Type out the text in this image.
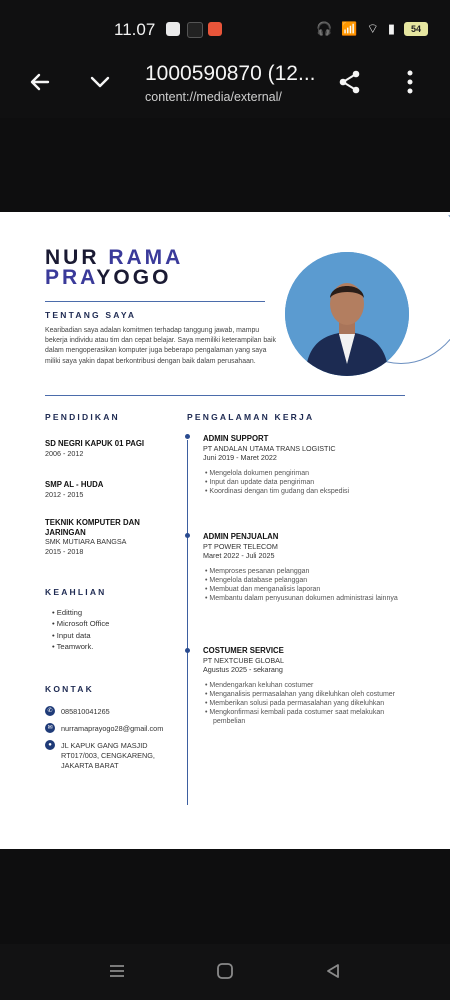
11.07	🎧 📶 ⌔ ▮	54
1000590870 (12...
content://media/external/
NUR RAMA
PRAYOGO
TENTANG SAYA
Kearibadian saya adalan komitmen terhadap tanggung jawab, mampu bekerja individu atau tim dan cepat belajar. Saya memiliki keterampilan baik dalam mengoperasikan komputer juga beberapo pengalaman yang saya miliki saya yakin dapat berkontribusi dengan baik dalam perusahaan.
PENDIDIKAN
SD NEGRI KAPUK 01 PAGI
2006 - 2012
SMP AL - HUDA
2012 - 2015
TEKNIK KOMPUTER DAN JARINGAN
SMK MUTIARA BANGSA
2015 - 2018
KEAHLIAN
• Editting
• Microsoft Office
• Input data
• Teamwork.
KONTAK
✆	085810041265
✉	nurramaprayogo28@gmail.com
●	JL KAPUK GANG MASJID RT017/003, CENGKARENG, JAKARTA BARAT
PENGALAMAN KERJA
ADMIN SUPPORT
PT ANDALAN UTAMA TRANS LOGISTIC
Juni 2019 - Maret 2022
• Mengelola dokumen pengiriman
• Input dan update data pengiriman
• Koordinasi dengan tim gudang dan ekspedisi
ADMIN PENJUALAN
PT POWER TELECOM
Maret 2022 - Juli 2025
• Memproses pesanan pelanggan
• Mengelola database pelanggan
• Membuat dan menganalisis laporan
• Membantu dalam penyusunan dokumen administrasi lainnya
COSTUMER SERVICE
PT NEXTCUBE GLOBAL
Agustus 2025 - sekarang
• Mendengarkan keluhan costumer
• Menganalisis permasalahan yang dikeluhkan oleh costumer
• Memberikan solusi pada permasalahan yang dikeluhkan
• Mengkonfirmasi kembali pada costumer saat melakukan pembelian
